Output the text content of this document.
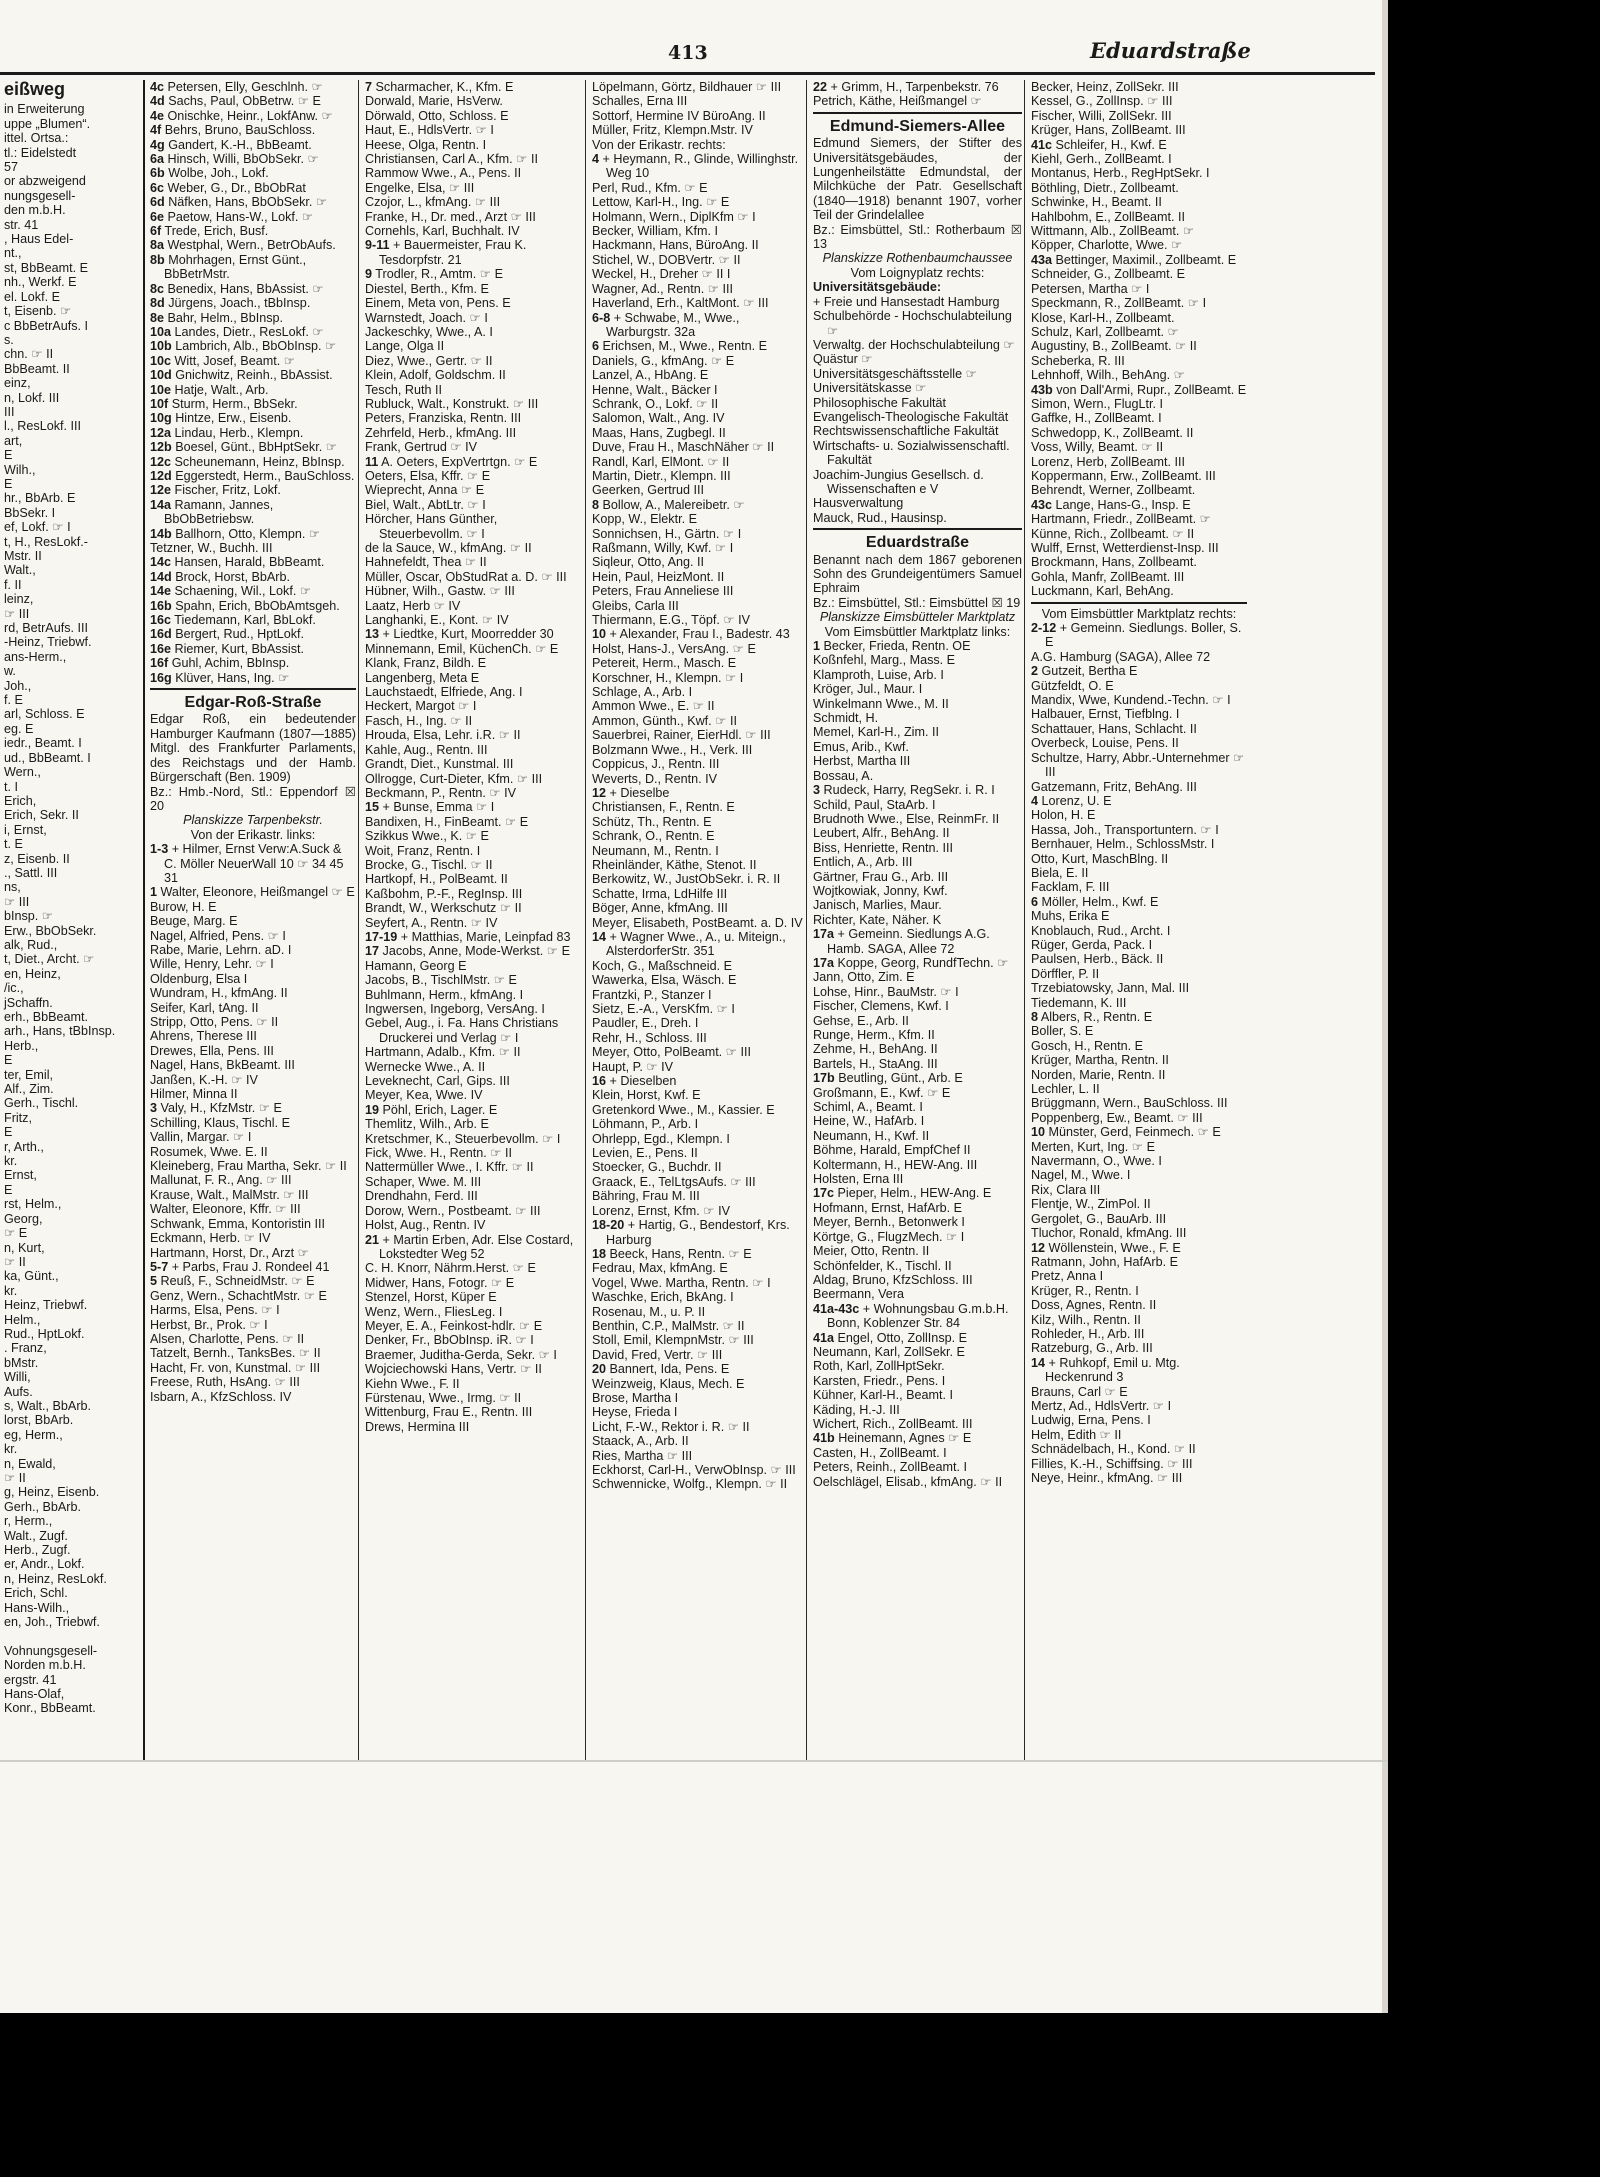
413	Eduardstraße
eißweg
in Erweiterung
uppe „Blumen“.
ittel. Ortsa.:
tl.: Eidelstedt
57
or abzweigend
nungsgesell-
den m.b.H.
str. 41
, Haus Edel-
nt.,
st, BbBeamt. E
nh., Werkf. E
el. Lokf. E
t, Eisenb. ☞
c BbBetrAufs. I
s.
chn. ☞ II
BbBeamt. II
einz,
n, Lokf. III
III
l., ResLokf. III
art,
E
Wilh.,
E
hr., BbArb. E
BbSekr. I
ef, Lokf. ☞ I
t, H., ResLokf.-
Mstr. II
Walt.,
f. II
leinz,
☞ III
rd, BetrAufs. III
-Heinz, Triebwf.
ans-Herm.,
w.
Joh.,
f. E
arl, Schloss. E
eg. E
iedr., Beamt. I
ud., BbBeamt. I
Wern.,
t. I
Erich,
Erich, Sekr. II
i, Ernst,
t. E
z, Eisenb. II
., Sattl. III
ns,
☞ III
bInsp. ☞
Erw., BbObSekr.
alk, Rud.,
t, Diet., Archt. ☞
en, Heinz,
/ic.,
jSchaffn.
erh., BbBeamt.
arh., Hans, tBbInsp.
Herb.,
E
ter, Emil,
Alf., Zim.
Gerh., Tischl.
Fritz,
E
r, Arth.,
kr.
Ernst,
E
rst, Helm.,
Georg,
☞ E
n, Kurt,
☞ II
ka, Günt.,
kr.
Heinz, Triebwf.
Helm.,
Rud., HptLokf.
. Franz,
bMstr.
Willi,
Aufs.
s, Walt., BbArb.
lorst, BbArb.
eg, Herm.,
kr.
n, Ewald,
☞ II
g, Heinz, Eisenb.
Gerh., BbArb.
r, Herm.,
Walt., Zugf.
Herb., Zugf.
er, Andr., Lokf.
n, Heinz, ResLokf.
Erich, Schl.
Hans-Wilh.,
en, Joh., Triebwf.
Vohnungsgesell-
Norden m.b.H.
ergstr. 41
Hans-Olaf,
Konr., BbBeamt.
4c Petersen, Elly, Geschlnh. ☞
4d Sachs, Paul, ObBetrw. ☞ E
4e Onischke, Heinr., LokfAnw. ☞
4f Behrs, Bruno, BauSchloss.
4g Gandert, K.-H., BbBeamt.
6a Hinsch, Willi, BbObSekr. ☞
6b Wolbe, Joh., Lokf.
6c Weber, G., Dr., BbObRat
6d Näfken, Hans, BbObSekr. ☞
6e Paetow, Hans-W., Lokf. ☞
6f Trede, Erich, Busf.
8a Westphal, Wern., BetrObAufs.
8b Mohrhagen, Ernst Günt., BbBetrMstr.
8c Benedix, Hans, BbAssist. ☞
8d Jürgens, Joach., tBbInsp.
8e Bahr, Helm., BbInsp.
10a Landes, Dietr., ResLokf. ☞
10b Lambrich, Alb., BbObInsp. ☞
10c Witt, Josef, Beamt. ☞
10d Gnichwitz, Reinh., BbAssist.
10e Hatje, Walt., Arb.
10f Sturm, Herm., BbSekr.
10g Hintze, Erw., Eisenb.
12a Lindau, Herb., Klempn.
12b Boesel, Günt., BbHptSekr. ☞
12c Scheunemann, Heinz, BbInsp.
12d Eggerstedt, Herm., BauSchloss.
12e Fischer, Fritz, Lokf.
14a Ramann, Jannes, BbObBetriebsw.
14b Ballhorn, Otto, Klempn. ☞
Tetzner, W., Buchh. III
14c Hansen, Harald, BbBeamt.
14d Brock, Horst, BbArb.
14e Schaening, Wil., Lokf. ☞
16b Spahn, Erich, BbObAmtsgeh.
16c Tiedemann, Karl, BbLokf.
16d Bergert, Rud., HptLokf.
16e Riemer, Kurt, BbAssist.
16f Guhl, Achim, BbInsp.
16g Klüver, Hans, Ing. ☞
Edgar-Roß-Straße
Edgar Roß, ein bedeutender Hamburger Kaufmann (1807—1885) Mitgl. des Frankfurter Parlaments, des Reichstags und der Hamb. Bürgerschaft (Ben. 1909)
Bz.: Hmb.-Nord, Stl.: Eppendorf ☒ 20
Planskizze Tarpenbekstr.
Von der Erikastr. links:
1-3 + Hilmer, Ernst Verw:A.Suck & C. Möller NeuerWall 10 ☞ 34 45 31
1 Walter, Eleonore, Heißmangel ☞ E
Burow, H. E
Beuge, Marg. E
Nagel, Alfried, Pens. ☞ I
Rabe, Marie, Lehrn. aD. I
Wille, Henry, Lehr. ☞ I
Oldenburg, Elsa I
Wundram, H., kfmAng. II
Seifer, Karl, tAng. II
Stripp, Otto, Pens. ☞ II
Ahrens, Therese III
Drewes, Ella, Pens. III
Nagel, Hans, BkBeamt. III
Janßen, K.-H. ☞ IV
Hilmer, Minna II
3 Valy, H., KfzMstr. ☞ E
Schilling, Klaus, Tischl. E
Vallin, Margar. ☞ I
Rosumek, Wwe. E. II
Kleineberg, Frau Martha, Sekr. ☞ II
Mallunat, F. R., Ang. ☞ III
Krause, Walt., MalMstr. ☞ III
Walter, Eleonore, Kffr. ☞ III
Schwank, Emma, Kontoristin III
Eckmann, Herb. ☞ IV
Hartmann, Horst, Dr., Arzt ☞
5-7 + Parbs, Frau J. Rondeel 41
5 Reuß, F., SchneidMstr. ☞ E
Genz, Wern., SchachtMstr. ☞ E
Harms, Elsa, Pens. ☞ I
Herbst, Br., Prok. ☞ I
Alsen, Charlotte, Pens. ☞ II
Tatzelt, Bernh., TanksBes. ☞ II
Hacht, Fr. von, Kunstmal. ☞ III
Freese, Ruth, HsAng. ☞ III
Isbarn, A., KfzSchloss. IV
7 Scharmacher, K., Kfm. E
Dorwald, Marie, HsVerw.
Dörwald, Otto, Schloss. E
Haut, E., HdlsVertr. ☞ I
Heese, Olga, Rentn. I
Christiansen, Carl A., Kfm. ☞ II
Rammow Wwe., A., Pens. II
Engelke, Elsa, ☞ III
Czojor, L., kfmAng. ☞ III
Franke, H., Dr. med., Arzt ☞ III
Cornehls, Karl, Buchhalt. IV
9-11 + Bauermeister, Frau K. Tesdorpfstr. 21
9 Trodler, R., Amtm. ☞ E
Diestel, Berth., Kfm. E
Einem, Meta von, Pens. E
Warnstedt, Joach. ☞ I
Jackeschky, Wwe., A. I
Lange, Olga II
Diez, Wwe., Gertr. ☞ II
Klein, Adolf, Goldschm. II
Tesch, Ruth II
Rubluck, Walt., Konstrukt. ☞ III
Peters, Franziska, Rentn. III
Zehrfeld, Herb., kfmAng. III
Frank, Gertrud ☞ IV
11 A. Oeters, ExpVertrtgn. ☞ E
Oeters, Elsa, Kffr. ☞ E
Wieprecht, Anna ☞ E
Biel, Walt., AbtLtr. ☞ I
Hörcher, Hans Günther, Steuerbevollm. ☞ I
de la Sauce, W., kfmAng. ☞ II
Hahnefeldt, Thea ☞ II
Müller, Oscar, ObStudRat a. D. ☞ III
Hübner, Wilh., Gastw. ☞ III
Laatz, Herb ☞ IV
Langhanki, E., Kont. ☞ IV
13 + Liedtke, Kurt, Moorredder 30
Minnemann, Emil, KüchenCh. ☞ E
Klank, Franz, Bildh. E
Langenberg, Meta E
Lauchstaedt, Elfriede, Ang. I
Heckert, Margot ☞ I
Fasch, H., Ing. ☞ II
Hrouda, Elsa, Lehr. i.R. ☞ II
Kahle, Aug., Rentn. III
Grandt, Diet., Kunstmal. III
Ollrogge, Curt-Dieter, Kfm. ☞ III
Beckmann, P., Rentn. ☞ IV
15 + Bunse, Emma ☞ I
Bandixen, H., FinBeamt. ☞ E
Szikkus Wwe., K. ☞ E
Woit, Franz, Rentn. I
Brocke, G., Tischl. ☞ II
Hartkopf, H., PolBeamt. II
Kaßbohm, P.-F., RegInsp. III
Brandt, W., Werkschutz ☞ II
Seyfert, A., Rentn. ☞ IV
17-19 + Matthias, Marie, Leinpfad 83
17 Jacobs, Anne, Mode-Werkst. ☞ E
Hamann, Georg E
Jacobs, B., TischlMstr. ☞ E
Buhlmann, Herm., kfmAng. I
Ingwersen, Ingeborg, VersAng. I
Gebel, Aug., i. Fa. Hans Christians Druckerei und Verlag ☞ I
Hartmann, Adalb., Kfm. ☞ II
Wernecke Wwe., A. II
Leveknecht, Carl, Gips. III
Meyer, Kea, Wwe. IV
19 Pöhl, Erich, Lager. E
Themlitz, Wilh., Arb. E
Kretschmer, K., Steuerbevollm. ☞ I
Fick, Wwe. H., Rentn. ☞ II
Nattermüller Wwe., I. Kffr. ☞ II
Schaper, Wwe. M. III
Drendhahn, Ferd. III
Dorow, Wern., Postbeamt. ☞ III
Holst, Aug., Rentn. IV
21 + Martin Erben, Adr. Else Costard, Lokstedter Weg 52
C. H. Knorr, Nährm.Herst. ☞ E
Midwer, Hans, Fotogr. ☞ E
Stenzel, Horst, Küper E
Wenz, Wern., FliesLeg. I
Meyer, E. A., Feinkost-hdlr. ☞ E
Denker, Fr., BbObInsp. iR. ☞ I
Braemer, Juditha-Gerda, Sekr. ☞ I
Wojciechowski Hans, Vertr. ☞ II
Kiehn Wwe., F. II
Fürstenau, Wwe., Irmg. ☞ II
Wittenburg, Frau E., Rentn. III
Drews, Hermina III
Löpelmann, Görtz, Bildhauer ☞ III
Schalles, Erna III
Sottorf, Hermine IV BüroAng. II
Müller, Fritz, Klempn.Mstr. IV
Von der Erikastr. rechts:
4 + Heymann, R., Glinde, Willinghstr. Weg 10
Perl, Rud., Kfm. ☞ E
Lettow, Karl-H., Ing. ☞ E
Holmann, Wern., DiplKfm ☞ I
Becker, William, Kfm. I
Hackmann, Hans, BüroAng. II
Stichel, W., DOBVertr. ☞ II
Weckel, H., Dreher ☞ II I
Wagner, Ad., Rentn. ☞ III
Haverland, Erh., KaltMont. ☞ III
6-8 + Schwabe, M., Wwe., Warburgstr. 32a
6 Erichsen, M., Wwe., Rentn. E
Daniels, G., kfmAng. ☞ E
Lanzel, A., HbAng. E
Henne, Walt., Bäcker I
Schrank, O., Lokf. ☞ II
Salomon, Walt., Ang. IV
Maas, Hans, Zugbegl. II
Duve, Frau H., MaschNäher ☞ II
Randl, Karl, ElMont. ☞ II
Martin, Dietr., Klempn. III
Geerken, Gertrud III
8 Bollow, A., Malereibetr. ☞
Kopp, W., Elektr. E
Sonnichsen, H., Gärtn. ☞ I
Raßmann, Willy, Kwf. ☞ I
Siqleur, Otto, Ang. II
Hein, Paul, HeizMont. II
Peters, Frau Anneliese III
Gleibs, Carla III
Thiermann, E.G., Töpf. ☞ IV
10 + Alexander, Frau I., Badestr. 43
Holst, Hans-J., VersAng. ☞ E
Petereit, Herm., Masch. E
Korschner, H., Klempn. ☞ I
Schlage, A., Arb. I
Ammon Wwe., E. ☞ II
Ammon, Günth., Kwf. ☞ II
Sauerbrei, Rainer, EierHdl. ☞ III
Bolzmann Wwe., H., Verk. III
Coppicus, J., Rentn. III
Weverts, D., Rentn. IV
12 + Dieselbe
Christiansen, F., Rentn. E
Schütz, Th., Rentn. E
Schrank, O., Rentn. E
Neumann, M., Rentn. I
Rheinländer, Käthe, Stenot. II
Berkowitz, W., JustObSekr. i. R. II
Schatte, Irma, LdHilfe III
Böger, Anne, kfmAng. III
Meyer, Elisabeth, PostBeamt. a. D. IV
14 + Wagner Wwe., A., u. Miteign., AlsterdorferStr. 351
Koch, G., Maßschneid. E
Wawerka, Elsa, Wäsch. E
Frantzki, P., Stanzer I
Sietz, E.-A., VersKfm. ☞ I
Paudler, E., Dreh. I
Rehr, H., Schloss. III
Meyer, Otto, PolBeamt. ☞ III
Haupt, P. ☞ IV
16 + Dieselben
Klein, Horst, Kwf. E
Gretenkord Wwe., M., Kassier. E
Löhmann, P., Arb. I
Ohrlepp, Egd., Klempn. I
Levien, E., Pens. II
Stoecker, G., Buchdr. II
Graack, E., TelLtgsAufs. ☞ III
Bähring, Frau M. III
Lorenz, Ernst, Kfm. ☞ IV
18-20 + Hartig, G., Bendestorf, Krs. Harburg
18 Beeck, Hans, Rentn. ☞ E
Fedrau, Max, kfmAng. E
Vogel, Wwe. Martha, Rentn. ☞ I
Waschke, Erich, BkAng. I
Rosenau, M., u. P. II
Benthin, C.P., MalMstr. ☞ II
Stoll, Emil, KlempnMstr. ☞ III
David, Fred, Vertr. ☞ III
20 Bannert, Ida, Pens. E
Weinzweig, Klaus, Mech. E
Brose, Martha I
Heyse, Frieda I
Licht, F.-W., Rektor i. R. ☞ II
Staack, A., Arb. II
Ries, Martha ☞ III
Eckhorst, Carl-H., VerwObInsp. ☞ III
Schwennicke, Wolfg., Klempn. ☞ II
22 + Grimm, H., Tarpenbekstr. 76
Petrich, Käthe, Heißmangel ☞
Edmund-Siemers-Allee
Edmund Siemers, der Stifter des Universitätsgebäudes, der Lungenheilstätte Edmundstal, der Milchküche der Patr. Gesellschaft (1840—1918) benannt 1907, vorher Teil der Grindelallee
Bz.: Eimsbüttel, Stl.: Rotherbaum ☒ 13
Planskizze Rothenbaumchaussee
Vom Loignyplatz rechts:
Universitätsgebäude:
+ Freie und Hansestadt Hamburg
Schulbehörde - Hochschulabteilung ☞
Verwaltg. der Hochschulabteilung ☞
Quästur ☞
Universitätsgeschäftsstelle ☞
Universitätskasse ☞
Philosophische Fakultät
Evangelisch-Theologische Fakultät
Rechtswissenschaftliche Fakultät
Wirtschafts- u. Sozialwissenschaftl. Fakultät
Joachim-Jungius Gesellsch. d. Wissenschaften e V
Hausverwaltung
Mauck, Rud., Hausinsp.
Eduardstraße
Benannt nach dem 1867 geborenen Sohn des Grundeigentümers Samuel Ephraim
Bz.: Eimsbüttel, Stl.: Eimsbüttel ☒ 19
Planskizze Eimsbütteler Marktplatz
Vom Eimsbüttler Marktplatz links:
1 Becker, Frieda, Rentn. OE
Koßnfehl, Marg., Mass. E
Klamproth, Luise, Arb. I
Kröger, Jul., Maur. I
Winkelmann Wwe., M. II
Schmidt, H.
Memel, Karl-H., Zim. II
Emus, Arib., Kwf.
Herbst, Martha III
Bossau, A.
3 Rudeck, Harry, RegSekr. i. R. I
Schild, Paul, StaArb. I
Brudnoth Wwe., Else, ReinmFr. II
Leubert, Alfr., BehAng. II
Biss, Henriette, Rentn. III
Entlich, A., Arb. III
Gärtner, Frau G., Arb. III
Wojtkowiak, Jonny, Kwf.
Janisch, Marlies, Maur.
Richter, Kate, Näher. K
17a + Gemeinn. Siedlungs A.G. Hamb. SAGA, Allee 72
17a Koppe, Georg, RundfTechn. ☞
Jann, Otto, Zim. E
Lohse, Hinr., BauMstr. ☞ I
Fischer, Clemens, Kwf. I
Gehse, E., Arb. II
Runge, Herm., Kfm. II
Zehme, H., BehAng. II
Bartels, H., StaAng. III
17b Beutling, Günt., Arb. E
Großmann, E., Kwf. ☞ E
Schiml, A., Beamt. I
Heine, W., HafArb. I
Neumann, H., Kwf. II
Böhme, Harald, EmpfChef II
Koltermann, H., HEW-Ang. III
Holsten, Erna III
17c Pieper, Helm., HEW-Ang. E
Hofmann, Ernst, HafArb. E
Meyer, Bernh., Betonwerk I
Körtge, G., FlugzMech. ☞ I
Meier, Otto, Rentn. II
Schönfelder, K., Tischl. II
Aldag, Bruno, KfzSchloss. III
Beermann, Vera
41a-43c + Wohnungsbau G.m.b.H. Bonn, Koblenzer Str. 84
41a Engel, Otto, ZollInsp. E
Neumann, Karl, ZollSekr. E
Roth, Karl, ZollHptSekr.
Karsten, Friedr., Pens. I
Kühner, Karl-H., Beamt. I
Käding, H.-J. III
Wichert, Rich., ZollBeamt. III
41b Heinemann, Agnes ☞ E
Casten, H., ZollBeamt. I
Peters, Reinh., ZollBeamt. I
Oelschlägel, Elisab., kfmAng. ☞ II
Becker, Heinz, ZollSekr. III
Kessel, G., ZollInsp. ☞ III
Fischer, Willi, ZollSekr. III
Krüger, Hans, ZollBeamt. III
41c Schleifer, H., Kwf. E
Kiehl, Gerh., ZollBeamt. I
Montanus, Herb., RegHptSekr. I
Böthling, Dietr., Zollbeamt.
Schwinke, H., Beamt. II
Hahlbohm, E., ZollBeamt. II
Wittmann, Alb., ZollBeamt. ☞
Köpper, Charlotte, Wwe. ☞
43a Bettinger, Maximil., Zollbeamt. E
Schneider, G., Zollbeamt. E
Petersen, Martha ☞ I
Speckmann, R., ZollBeamt. ☞ I
Klose, Karl-H., Zollbeamt.
Schulz, Karl, Zollbeamt. ☞
Augustiny, B., ZollBeamt. ☞ II
Scheberka, R. III
Lehnhoff, Wilh., BehAng. ☞
43b von Dall'Armi, Rupr., ZollBeamt. E
Simon, Wern., FlugLtr. I
Gaffke, H., ZollBeamt. I
Schwedopp, K., ZollBeamt. II
Voss, Willy, Beamt. ☞ II
Lorenz, Herb, ZollBeamt. III
Koppermann, Erw., ZollBeamt. III
Behrendt, Werner, Zollbeamt.
43c Lange, Hans-G., Insp. E
Hartmann, Friedr., ZollBeamt. ☞
Künne, Rich., Zollbeamt. ☞ II
Wulff, Ernst, Wetterdienst-Insp. III
Brockmann, Hans, Zollbeamt.
Gohla, Manfr, ZollBeamt. III
Luckmann, Karl, BehAng.
Vom Eimsbüttler Marktplatz rechts:
2-12 + Gemeinn. Siedlungs. Boller, S. E
A.G. Hamburg (SAGA), Allee 72
2 Gutzeit, Bertha E
Gützfeldt, O. E
Mandix, Wwe, Kundend.-Techn. ☞ I
Halbauer, Ernst, Tiefblng. I
Schattauer, Hans, Schlacht. II
Overbeck, Louise, Pens. II
Schultze, Harry, Abbr.-Unternehmer ☞ III
Gatzemann, Fritz, BehAng. III
4 Lorenz, U. E
Holon, H. E
Hassa, Joh., Transportuntern. ☞ I
Bernhauer, Helm., SchlossMstr. I
Otto, Kurt, MaschBlng. II
Biela, E. II
Facklam, F. III
6 Möller, Helm., Kwf. E
Muhs, Erika E
Knoblauch, Rud., Archt. I
Rüger, Gerda, Pack. I
Paulsen, Herb., Bäck. II
Dörffler, P. II
Trzebiatowsky, Jann, Mal. III
Tiedemann, K. III
8 Albers, R., Rentn. E
Boller, S. E
Gosch, H., Rentn. E
Krüger, Martha, Rentn. II
Norden, Marie, Rentn. II
Lechler, L. II
Brüggmann, Wern., BauSchloss. III
Poppenberg, Ew., Beamt. ☞ III
10 Münster, Gerd, Feinmech. ☞ E
Merten, Kurt, Ing. ☞ E
Navermann, O., Wwe. I
Nagel, M., Wwe. I
Rix, Clara III
Flentje, W., ZimPol. II
Gergolet, G., BauArb. III
Tluchor, Ronald, kfmAng. III
12 Wöllenstein, Wwe., F. E
Ratmann, John, HafArb. E
Pretz, Anna I
Krüger, R., Rentn. I
Doss, Agnes, Rentn. II
Kilz, Wilh., Rentn. II
Rohleder, H., Arb. III
Ratzeburg, G., Arb. III
14 + Ruhkopf, Emil u. Mtg. Heckenrund 3
Brauns, Carl ☞ E
Mertz, Ad., HdlsVertr. ☞ I
Ludwig, Erna, Pens. I
Helm, Edith ☞ II
Schnädelbach, H., Kond. ☞ II
Fillies, K.-H., Schiffsing. ☞ III
Neye, Heinr., kfmAng. ☞ III
